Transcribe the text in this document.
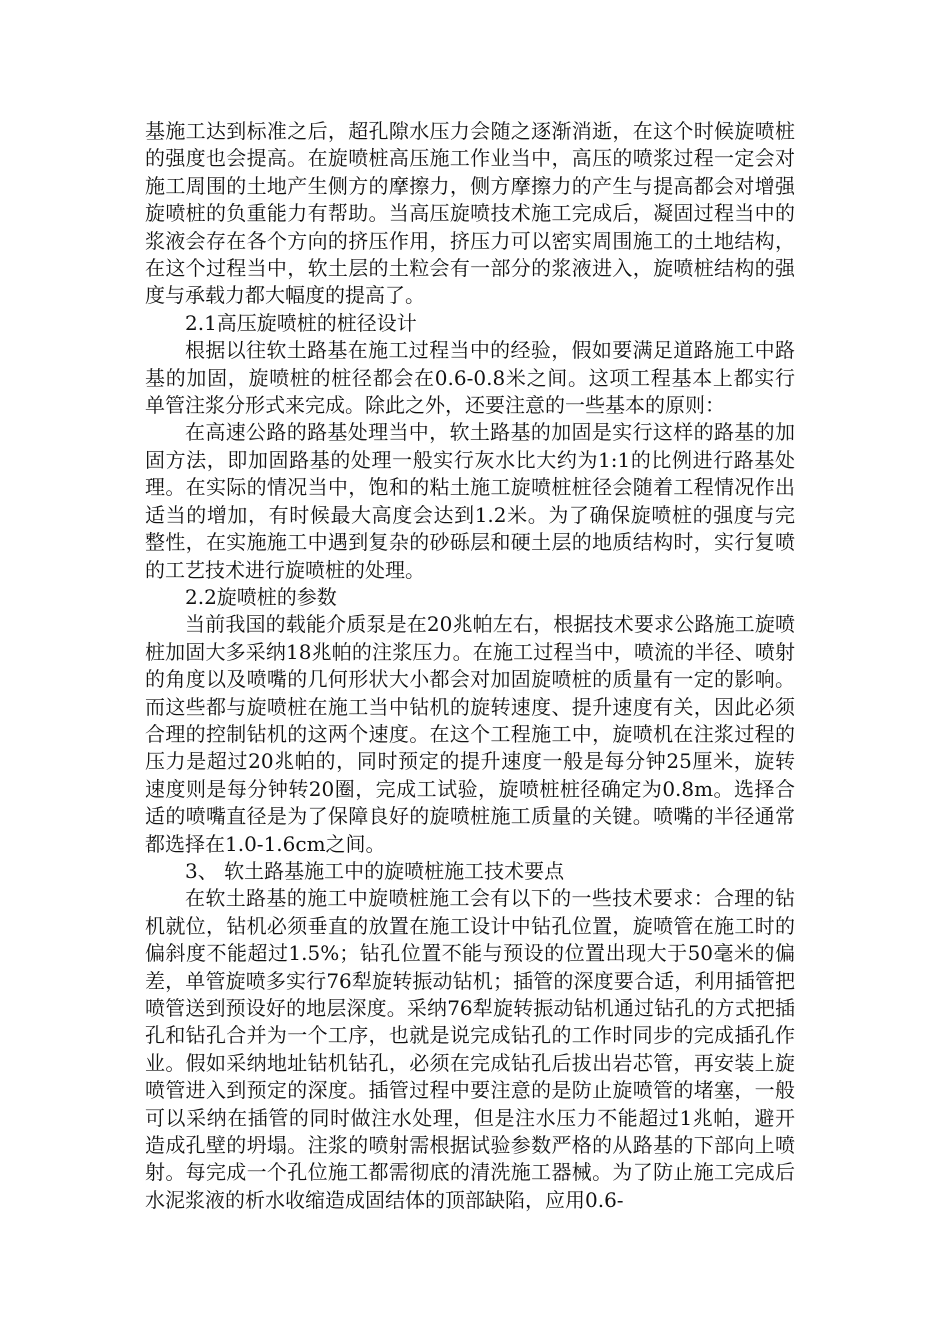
基施工达到标准之后，超孔隙水压力会随之逐渐消逝，在这个时候旋喷桩的强度也会提高。在旋喷桩高压施工作业当中，高压的喷浆过程一定会对施工周围的土地产生侧方的摩擦力，侧方摩擦力的产生与提高都会对增强旋喷桩的负重能力有帮助。当高压旋喷技术施工完成后，凝固过程当中的浆液会存在各个方向的挤压作用，挤压力可以密实周围施工的土地结构，在这个过程当中，软土层的土粒会有一部分的浆液进入，旋喷桩结构的强度与承载力都大幅度的提高了。

2.1高压旋喷桩的桩径设计

根据以往软土路基在施工过程当中的经验，假如要满足道路施工中路基的加固，旋喷桩的桩径都会在0.6-0.8米之间。这项工程基本上都实行单管注浆分形式来完成。除此之外，还要注意的一些基本的原则：

在高速公路的路基处理当中，软土路基的加固是实行这样的路基的加固方法，即加固路基的处理一般实行灰水比大约为1:1的比例进行路基处理。在实际的情况当中，饱和的粘土施工旋喷桩桩径会随着工程情况作出适当的增加，有时候最大高度会达到1.2米。为了确保旋喷桩的强度与完整性，在实施施工中遇到复杂的砂砾层和硬土层的地质结构时，实行复喷的工艺技术进行旋喷桩的处理。

2.2旋喷桩的参数

当前我国的载能介质泵是在20兆帕左右，根据技术要求公路施工旋喷桩加固大多采纳18兆帕的注浆压力。在施工过程当中，喷流的半径、喷射的角度以及喷嘴的几何形状大小都会对加固旋喷桩的质量有一定的影响。而这些都与旋喷桩在施工当中钻机的旋转速度、提升速度有关，因此必须合理的控制钻机的这两个速度。在这个工程施工中，旋喷机在注浆过程的压力是超过20兆帕的，同时预定的提升速度一般是每分钟25厘米，旋转速度则是每分钟转20圈，完成工试验，旋喷桩桩径确定为0.8m。选择合适的喷嘴直径是为了保障良好的旋喷桩施工质量的关键。喷嘴的半径通常都选择在1.0-1.6cm之间。

3、 软土路基施工中的旋喷桩施工技术要点

在软土路基的施工中旋喷桩施工会有以下的一些技术要求：合理的钻机就位，钻机必须垂直的放置在施工设计中钻孔位置，旋喷管在施工时的偏斜度不能超过1.5%；钻孔位置不能与预设的位置出现大于50毫米的偏差，单管旋喷多实行76犁旋转振动钻机；插管的深度要合适，利用插管把喷管送到预设好的地层深度。采纳76犁旋转振动钻机通过钻孔的方式把插孔和钻孔合并为一个工序，也就是说完成钻孔的工作时同步的完成插孔作业。假如采纳地址钻机钻孔，必须在完成钻孔后拔出岩芯管，再安装上旋喷管进入到预定的深度。插管过程中要注意的是防止旋喷管的堵塞，一般可以采纳在插管的同时做注水处理，但是注水压力不能超过1兆帕，避开造成孔壁的坍塌。注浆的喷射需根据试验参数严格的从路基的下部向上喷射。每完成一个孔位施工都需彻底的清洗施工器械。为了防止施工完成后水泥浆液的析水收缩造成固结体的顶部缺陷，应用0.6-
